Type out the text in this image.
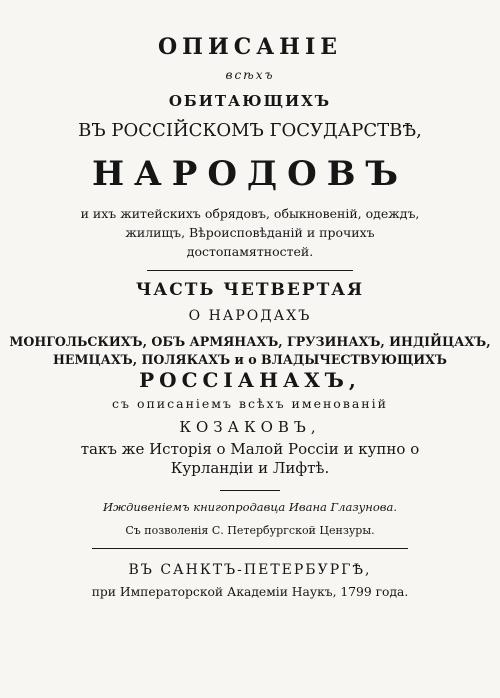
ОПИСАНІЕ
всѣхъ
ОБИТАЮЩИХЪ
ВЪ РОССІЙСКОМЪ ГОСУДАРСТВѢ,
НАРОДОВЪ
и ихъ житейскихъ обрядовъ, обыкновеній, одеждъ,
жилищъ, Вѣроисповѣданій и прочихъ
достопамятностей.
ЧАСТЬ ЧЕТВЕРТАЯ
О НАРОДАХЪ
МОНГОЛЬСКИХЪ, ОБЪ АРМЯНАХЪ, ГРУЗИНАХЪ, ИНДІЙЦАХЪ,
НЕМЦАХЪ, ПОЛЯКАХЪ и о ВЛАДЫЧЕСТВУЮЩИХЪ
РОССІАНАХЪ,
съ описаніемъ всѣхъ именованій
КОЗАКОВЪ,
такъ же Исторія о Малой Россіи и купно о
Курландіи и Лифтѣ.
Иждивеніемъ книгопродавца Ивана Глазунова.
Съ позволенія С. Петербургской Цензуры.
ВЪ САНКТЪ-ПЕТЕРБУРГѢ,
при Императорской Академіи Наукъ, 1799 года.
